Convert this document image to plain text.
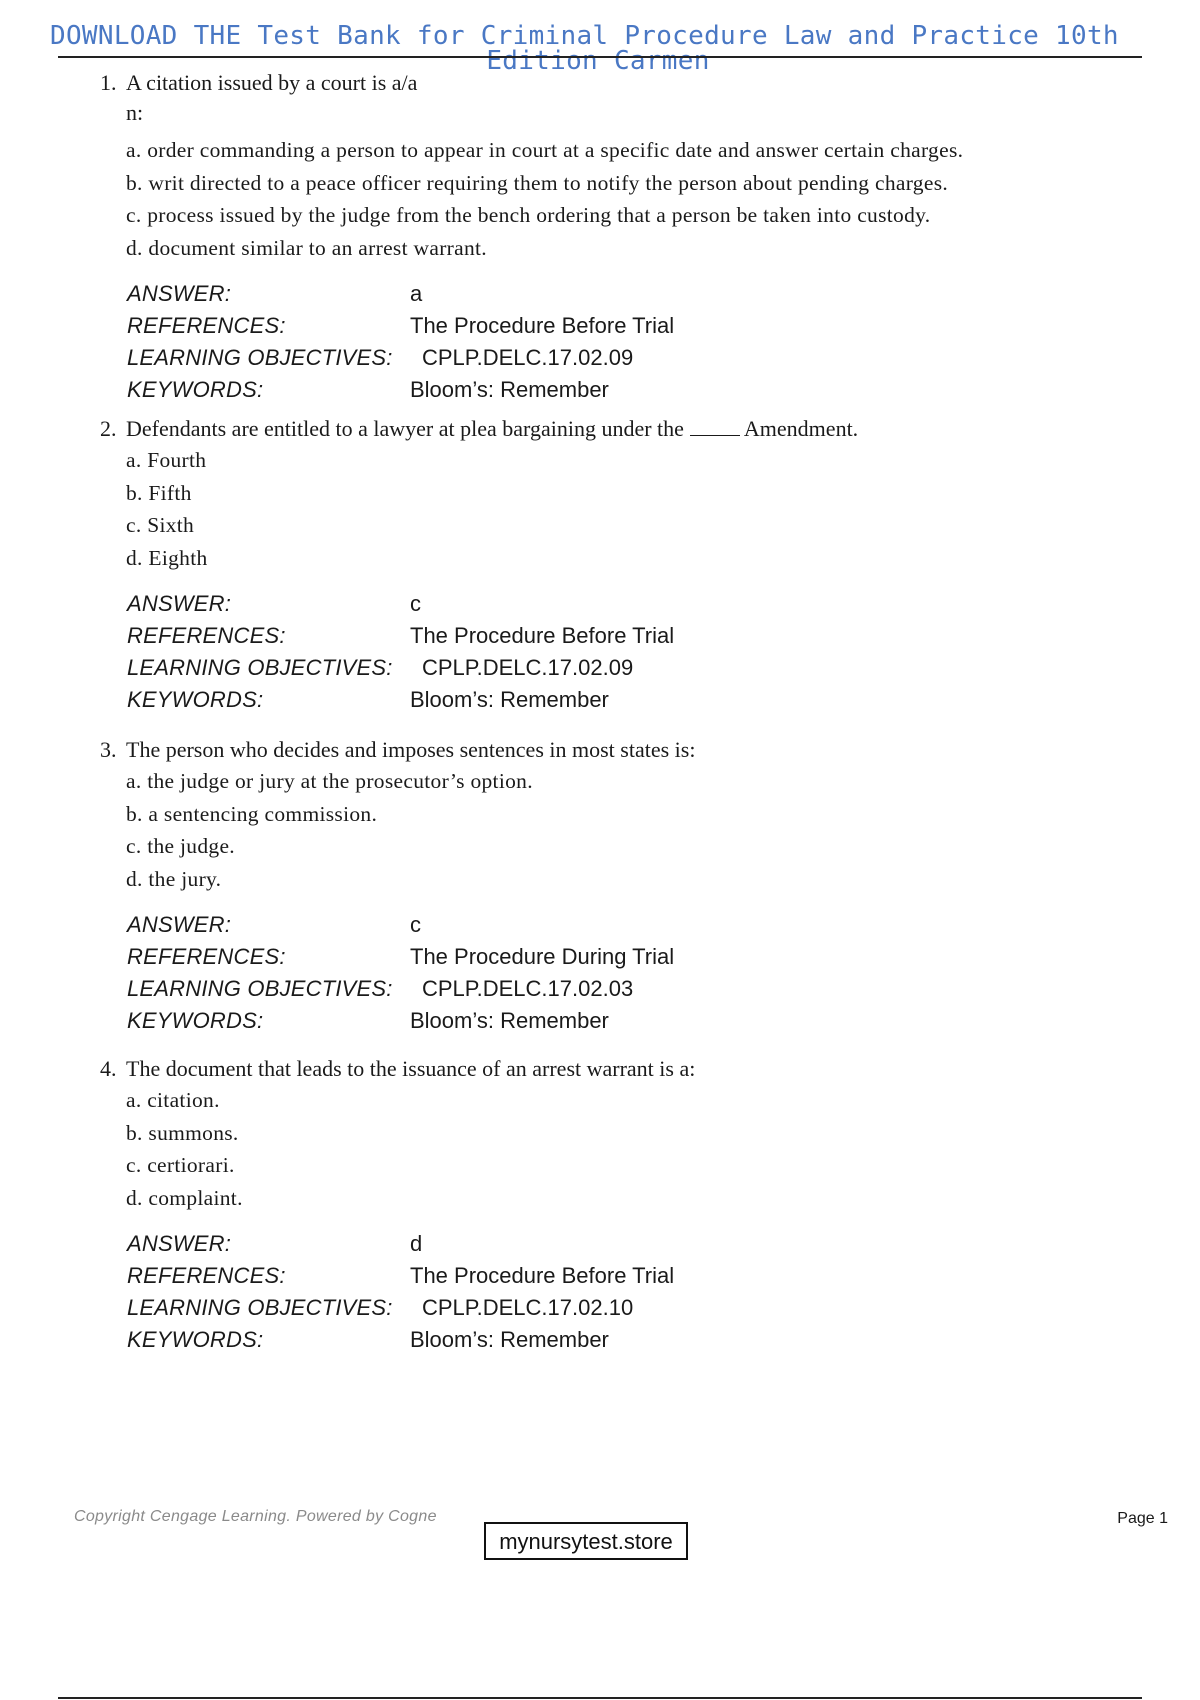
DOWNLOAD THE Test Bank for Criminal Procedure Law and Practice 10th
Edition Carmen
1. A citation issued by a court is a/a
n:
a. order commanding a person to appear in court at a specific date and answer certain charges.
b. writ directed to a peace officer requiring them to notify the person about pending charges.
c. process issued by the judge from the bench ordering that a person be taken into custody.
d. document similar to an arrest warrant.
ANSWER:	a
REFERENCES:	The Procedure Before Trial
LEARNING OBJECTIVES:	CPLP.DELC.17.02.09
KEYWORDS:	Bloom’s: Remember
2. Defendants are entitled to a lawyer at plea bargaining under the	Amendment.
a. Fourth
b. Fifth
c. Sixth
d. Eighth
ANSWER:	c
REFERENCES:	The Procedure Before Trial
LEARNING OBJECTIVES:	CPLP.DELC.17.02.09
KEYWORDS:	Bloom’s: Remember
3. The person who decides and imposes sentences in most states is:
a. the judge or jury at the prosecutor’s option.
b. a sentencing commission.
c. the judge.
d. the jury.
ANSWER:	c
REFERENCES:	The Procedure During Trial
LEARNING OBJECTIVES:	CPLP.DELC.17.02.03
KEYWORDS:	Bloom’s: Remember
4. The document that leads to the issuance of an arrest warrant is a:
a. citation.
b. summons.
c. certiorari.
d. complaint.
ANSWER:	d
REFERENCES:	The Procedure Before Trial
LEARNING OBJECTIVES:	CPLP.DELC.17.02.10
KEYWORDS:	Bloom’s: Remember
Copyright Cengage Learning. Powered by Cogne	Page 1
mynursytest.store
